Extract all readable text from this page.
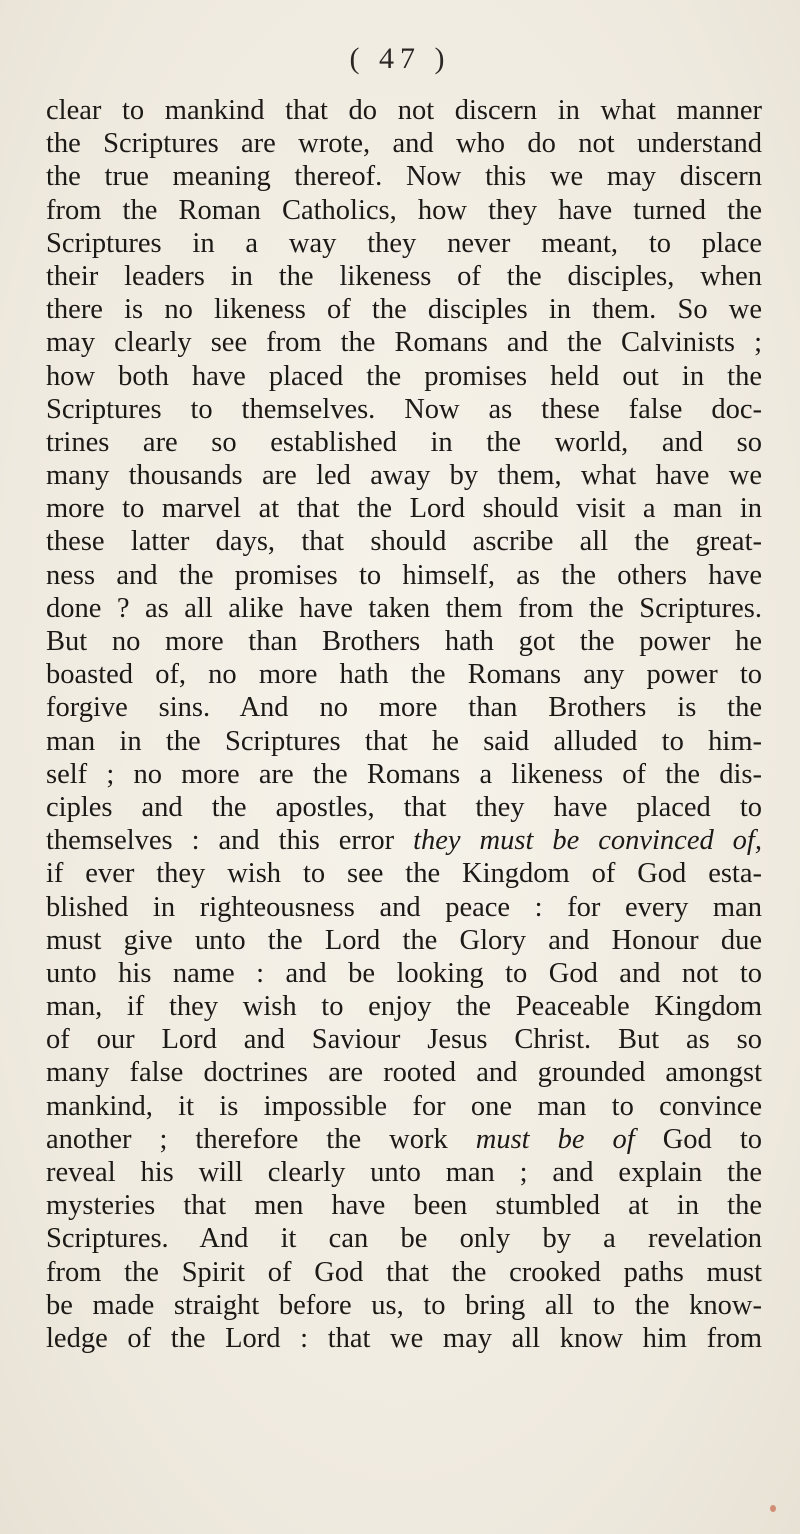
( 47 )
clear to mankind that do not discern in what manner
the Scriptures are wrote, and who do not understand
the true meaning thereof. Now this we may discern
from the Roman Catholics, how they have turned the
Scriptures in a way they never meant, to place
their leaders in the likeness of the disciples, when
there is no likeness of the disciples in them. So we
may clearly see from the Romans and the Calvinists ;
how both have placed the promises held out in the
Scriptures to themselves. Now as these false doc-
trines are so established in the world, and so
many thousands are led away by them, what have we
more to marvel at that the Lord should visit a man in
these latter days, that should ascribe all the great-
ness and the promises to himself, as the others have
done ? as all alike have taken them from the Scriptures.
But no more than Brothers hath got the power he
boasted of, no more hath the Romans any power to
forgive sins. And no more than Brothers is the
man in the Scriptures that he said alluded to him-
self ; no more are the Romans a likeness of the dis-
ciples and the apostles, that they have placed to
themselves : and this error they must be convinced of,
if ever they wish to see the Kingdom of God esta-
blished in righteousness and peace : for every man
must give unto the Lord the Glory and Honour due
unto his name : and be looking to God and not to
man, if they wish to enjoy the Peaceable Kingdom
of our Lord and Saviour Jesus Christ. But as so
many false doctrines are rooted and grounded amongst
mankind, it is impossible for one man to convince
another ; therefore the work must be of God to
reveal his will clearly unto man ; and explain the
mysteries that men have been stumbled at in the
Scriptures. And it can be only by a revelation
from the Spirit of God that the crooked paths must
be made straight before us, to bring all to the know-
ledge of the Lord : that we may all know him from
